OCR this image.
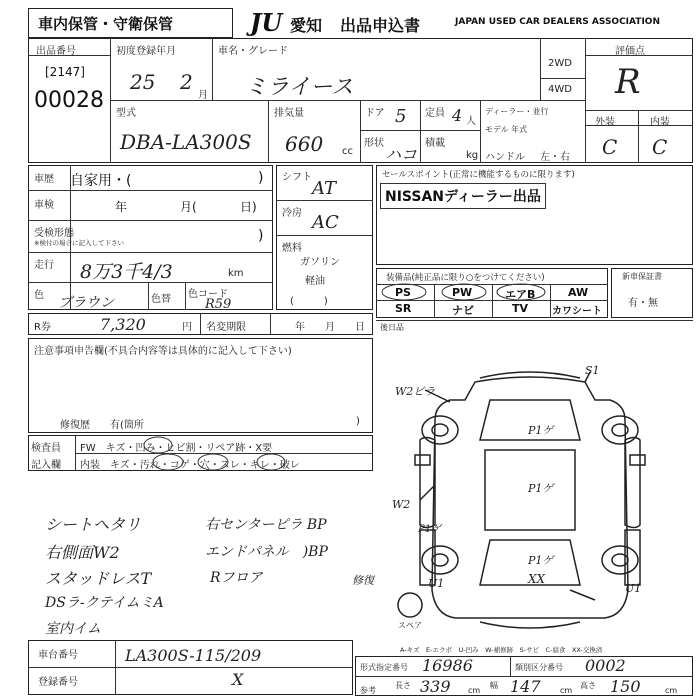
車内保管・守衛保管	JU 愛知 出品申込書	JAPAN USED CAR DEALERS ASSOCIATION
出品番号
[2147]
00028
初度登録年月
25 2
月
車名・グレード
ミライース
2WD
4WD
評価点
R
外装	内装
C C
型式
DBA-LA300S
排気量
660 cc
ドア 5 定員 4 人
形状
ハコ
積載
kg
ディーラー・並行
モデル 年式
ハンドル 左・右
車歴 自家用・(	)
車検	年	月(	日)
受検形態
※検付の場合に記入して下さい	)
走行 8万3千4/3	km
色 ブラウン	色替 色コード
R59
R券	7,320	円 名変期限	年　　月　　日
シフト
AT
冷房 AC
燃料
ガソリン
軽油
(　　　)
セールスポイント(正常に機能するものに限ります)
NISSANディーラー出品
装備品(純正品に限り○をつけてください)
PS	PW	エアB	AW
SR	ナビ	TV カワシート
新車保証書
有・無
後日品
注意事項申告欄(不具合内容等は具体的に記入して下さい)
修復歴 有(箇所	)
検査員
記入欄
FW　キズ・凹み・ヒビ割・リペア跡・X要
内装　キズ・汚れ・コゲ・穴・スレ・キレ・破レ
シートヘタリ
右側面W2
スタッドレスT
DSラ-クテイムミA
室内イム
右センターピラ BP
エンドパネル　)BP
Rフロア
W2ビラ
S1
P1ゲ
P1ゲ
P1ゲ
P1ゲ
W2
XX
修復	U1	U1
スペア
車台番号	LA300S-115/209
登録番号	X
A-キズ　E-エクボ　U-凹み　W-補修跡　S-サビ　C-腐食　XX-交換済
形式指定番号 16986	類別区分番号 0002
参考
長さ 339 cm
幅 147 cm
高さ 150	cm
